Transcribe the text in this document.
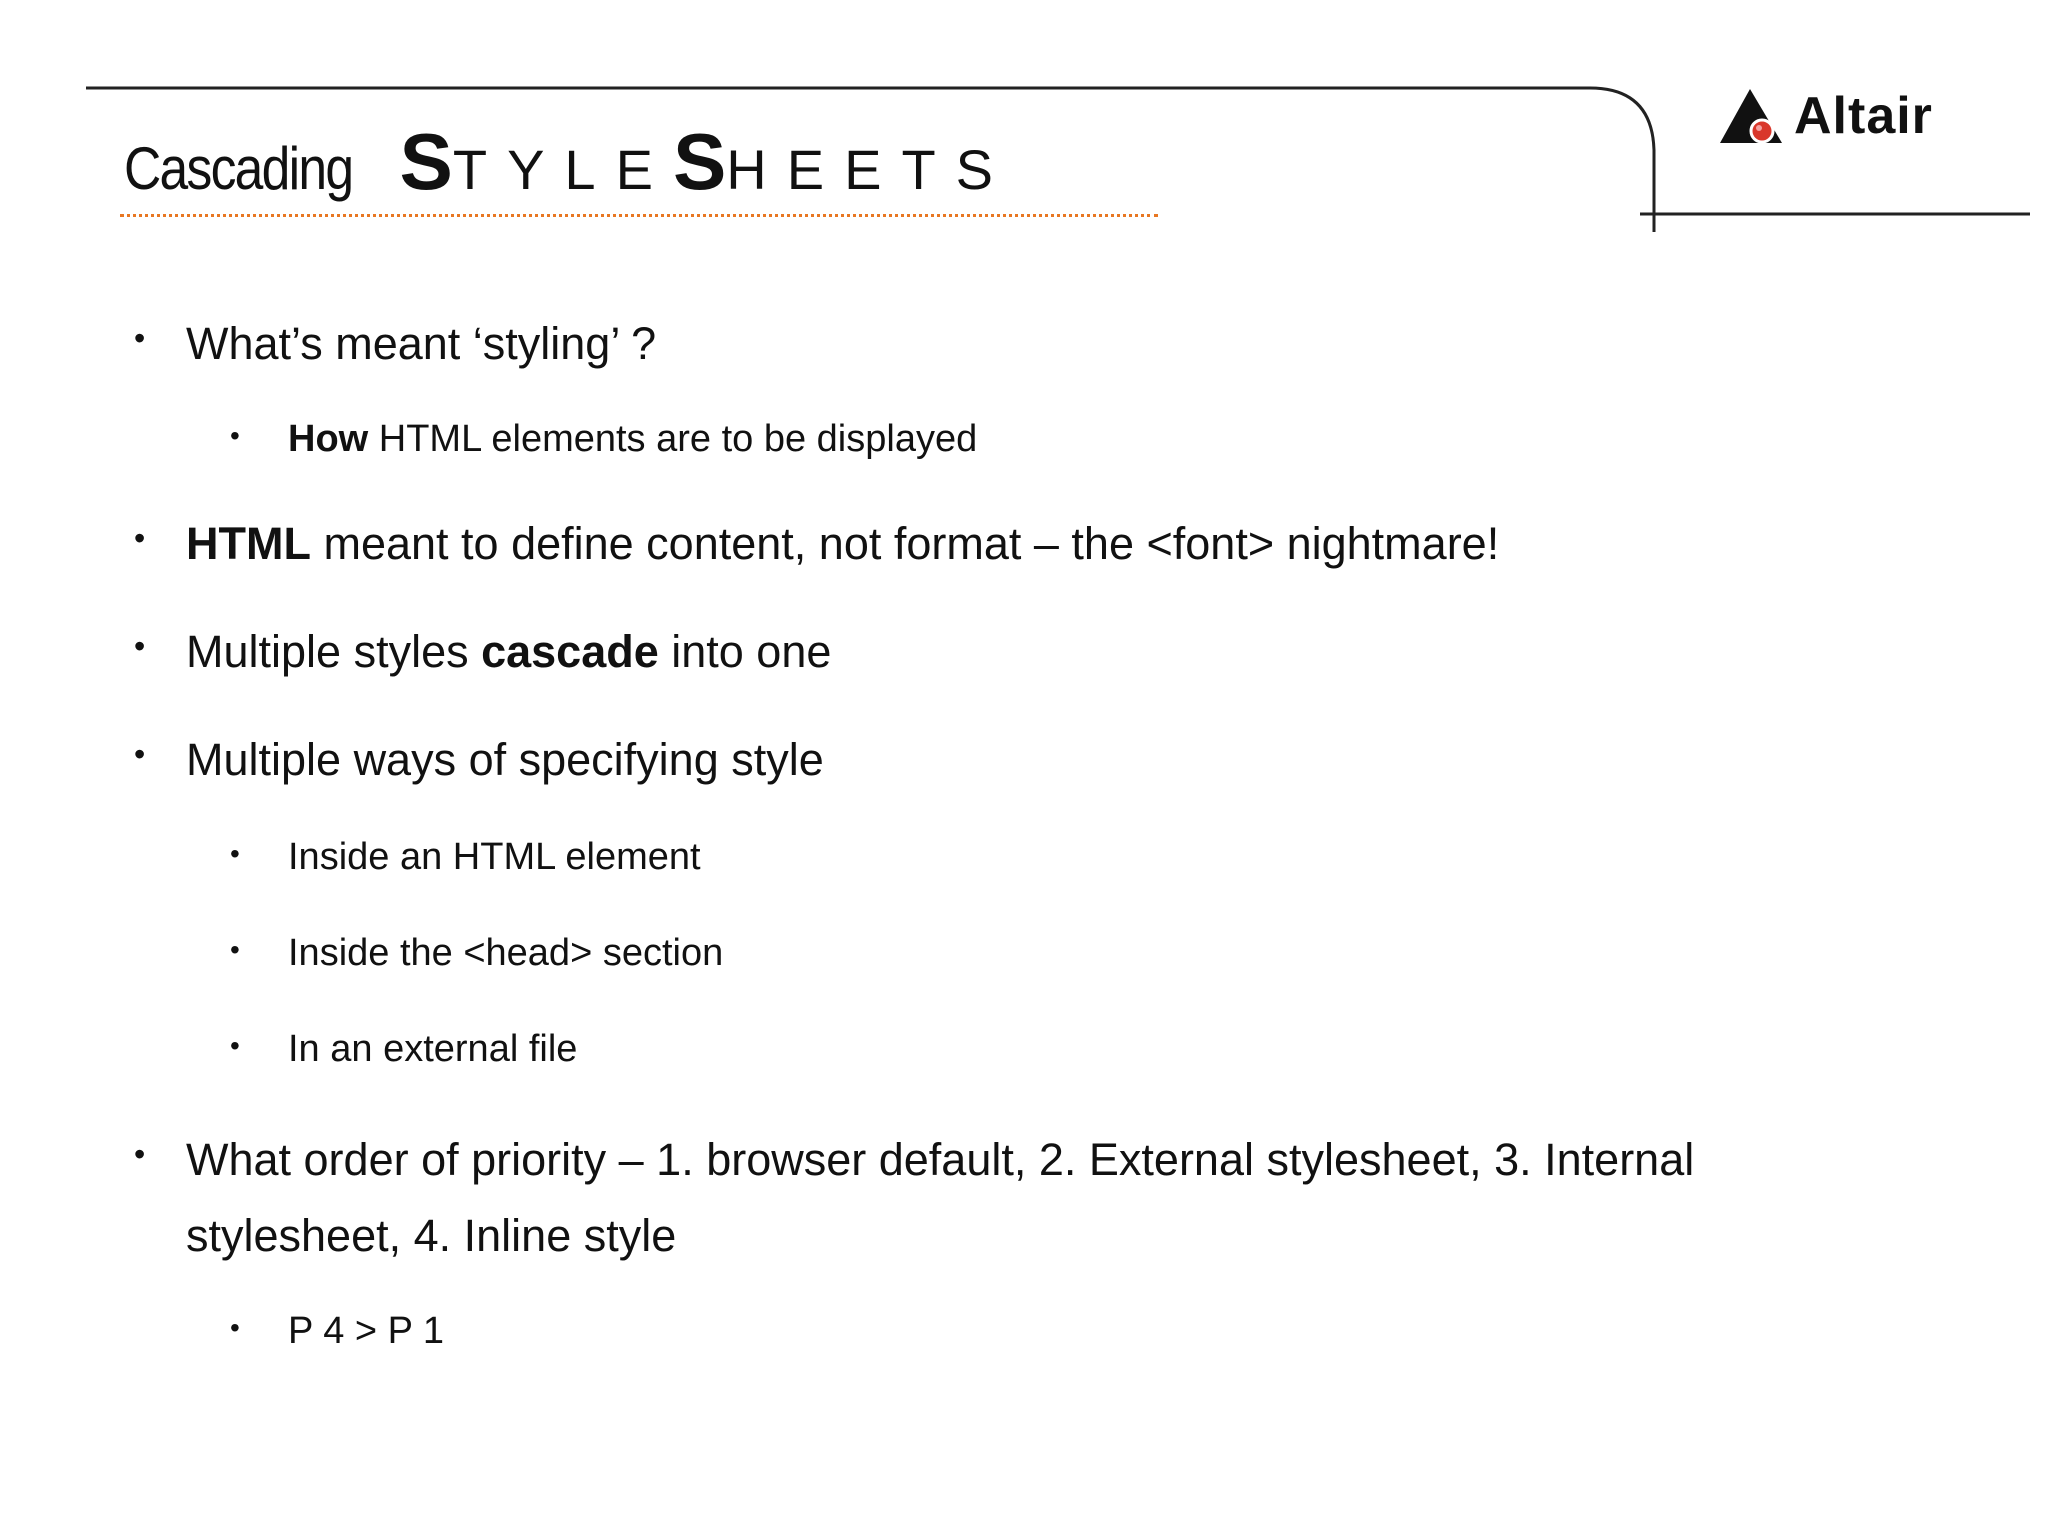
Cascading STYLESHEETS
Altair
• What’s meant ‘styling’ ?
• How HTML elements are to be displayed
• HTML meant to define content, not format – the <font> nightmare!
• Multiple styles cascade into one
• Multiple ways of specifying style
• Inside an HTML element
• Inside the <head> section
• In an external file
• What order of priority – 1. browser default, 2. External stylesheet, 3. Internal
stylesheet, 4. Inline style
• P 4 > P 1
